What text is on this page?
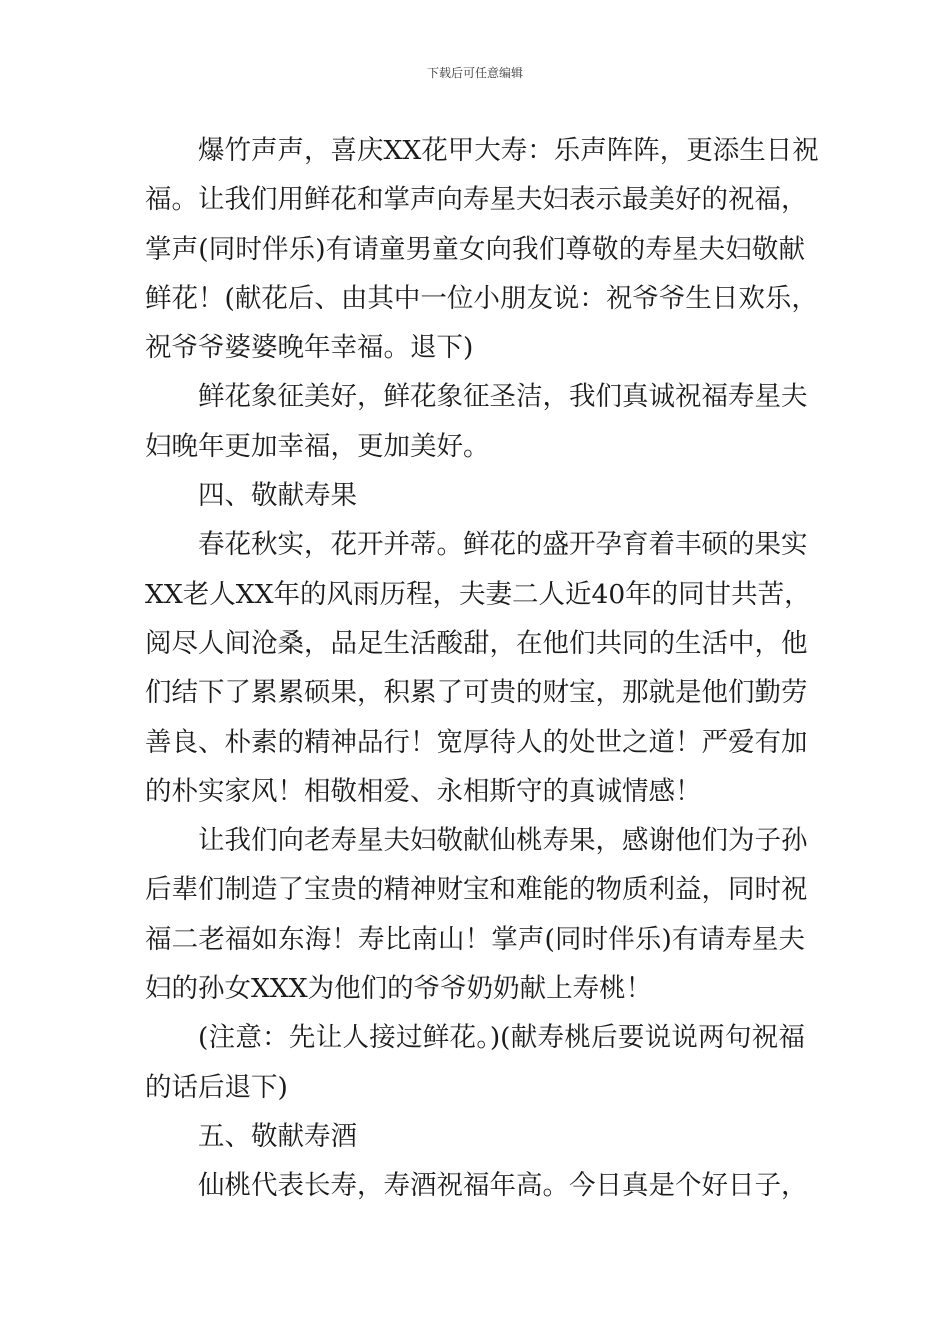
下载后可任意编辑
爆竹声声，喜庆XX花甲大寿：乐声阵阵，更添生日祝
福。让我们用鲜花和掌声向寿星夫妇表示最美好的祝福，
掌声(同时伴乐)有请童男童女向我们尊敬的寿星夫妇敬献
鲜花！(献花后、由其中一位小朋友说：祝爷爷生日欢乐，
祝爷爷婆婆晚年幸福。退下)
鲜花象征美好，鲜花象征圣洁，我们真诚祝福寿星夫
妇晚年更加幸福，更加美好。
四、敬献寿果
春花秋实，花开并蒂。鲜花的盛开孕育着丰硕的果实
XX老人XX年的风雨历程，夫妻二人近40年的同甘共苦，
阅尽人间沧桑，品足生活酸甜，在他们共同的生活中，他
们结下了累累硕果，积累了可贵的财宝，那就是他们勤劳
善良、朴素的精神品行！宽厚待人的处世之道！严爱有加
的朴实家风！相敬相爱、永相斯守的真诚情感！
让我们向老寿星夫妇敬献仙桃寿果，感谢他们为子孙
后辈们制造了宝贵的精神财宝和难能的物质利益，同时祝
福二老福如东海！寿比南山！掌声(同时伴乐)有请寿星夫
妇的孙女XXX为他们的爷爷奶奶献上寿桃！
(注意：先让人接过鲜花。)(献寿桃后要说说两句祝福
的话后退下)
五、敬献寿酒
仙桃代表长寿，寿酒祝福年高。今日真是个好日子，
